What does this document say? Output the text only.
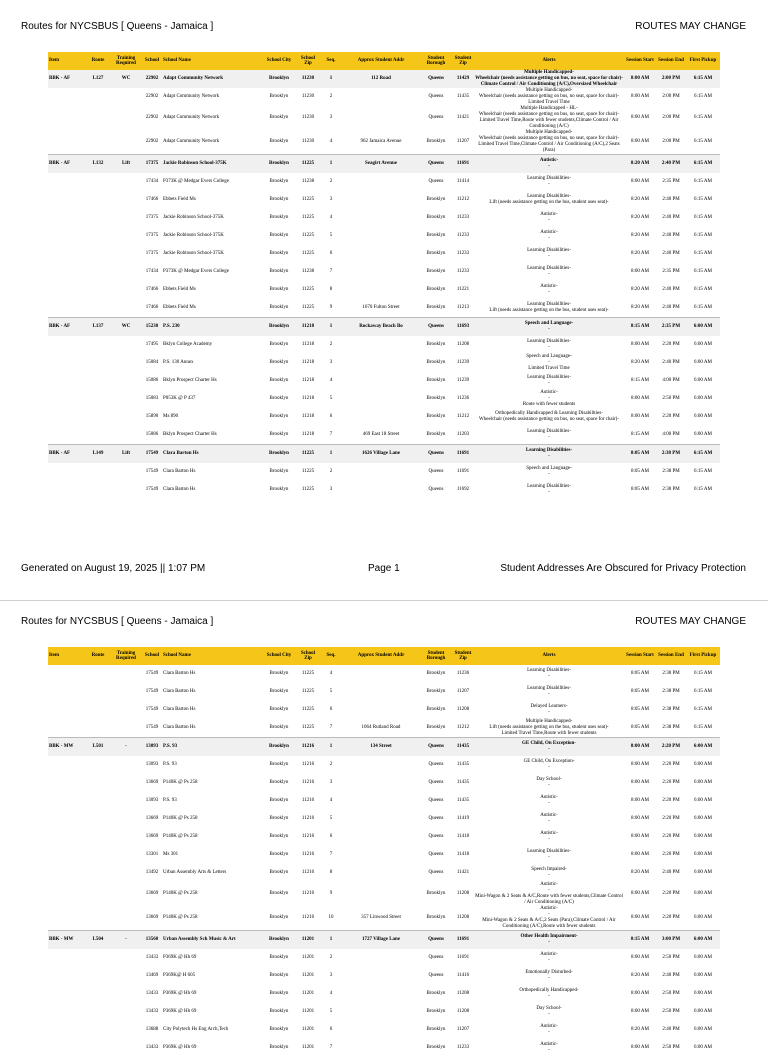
Routes for NYCSBUS [ Queens - Jamaica ]	ROUTES MAY CHANGE
Item	Route	Training Required	School	School Name	School City	School Zip	Seq.	Approx Student Addr	Student Borough	Student Zip	Alerts	Session Start	Session End	First Pickup
BBK - AF	L127	WC	22902	Adapt Community Network	Brooklyn	11230	1	112 Road	Queens	11429	Multiple Handicapped-
Wheelchair (needs assistance getting on bus, no seat, space for chair)-
Climate Control / Air Conditioning (A/C),Oversized Wheelchair	8:00 AM	2:00 PM	6:15 AM
			22902	Adapt Community Network	Brooklyn	11230	2		Queens	11435	Multiple Handicapped-
Wheelchair (needs assistance getting on bus, no seat, space for chair)-
Limited Travel Time	8:00 AM	2:00 PM	6:15 AM
			22902	Adapt Community Network	Brooklyn	11230	3		Queens	11421	Multiple Handicapped - HL-
Wheelchair (needs assistance getting on bus, no seat, space for chair)-
Limited Travel Time,Route with fewer students,Climate Control / Air Conditioning (A/C)	8:00 AM	2:00 PM	6:15 AM
			22902	Adapt Community Network	Brooklyn	11230	4	962 Jamaica Avenue	Brooklyn	11207	Multiple Handicapped-
Wheelchair (needs assistance getting on bus, no seat, space for chair)-
Limited Travel Time,Climate Control / Air Conditioning (A/C),2 Seats (Para)	8:00 AM	2:00 PM	6:15 AM
BBK - AF	L132	Lift	17375	Jackie Robinson School-375K	Brooklyn	11225	1	Seagirt Avenue	Queens	11691	Autistic-
-	8:20 AM	2:40 PM	6:15 AM
			17434	P373K @ Medgar Evers College	Brooklyn	11238	2		Queens	11414	Learning Disabilities-
-	8:00 AM	2:35 PM	6:15 AM
			17466	Ebbets Field Ms	Brooklyn	11225	3		Brooklyn	11212	Learning Disabilities-
Lift (needs assistance getting on the bus, student uses seat)-	8:20 AM	2:40 PM	6:15 AM
			17375	Jackie Robinson School-375K	Brooklyn	11225	4		Brooklyn	11233	Autistic-
-	8:20 AM	2:40 PM	6:15 AM
			17375	Jackie Robinson School-375K	Brooklyn	11225	5		Brooklyn	11233	Autistic-
-	8:20 AM	2:40 PM	6:15 AM
			17375	Jackie Robinson School-375K	Brooklyn	11225	6		Brooklyn	11233	Learning Disabilities-
-	8:20 AM	2:40 PM	6:15 AM
			17434	P373K @ Medgar Evers College	Brooklyn	11238	7		Brooklyn	11233	Learning Disabilities-
-	8:00 AM	2:35 PM	6:15 AM
			17466	Ebbets Field Ms	Brooklyn	11225	8		Brooklyn	11221	Autistic-
-	8:20 AM	2:40 PM	6:15 AM
			17466	Ebbets Field Ms	Brooklyn	11225	9	1670 Fulton Street	Brooklyn	11213	Learning Disabilities-
Lift (needs assistance getting on the bus, student uses seat)-	8:20 AM	2:40 PM	6:15 AM
BBK - AF	L137	WC	15230	P.S. 230	Brooklyn	11218	1	Rockaway Beach Bo	Queens	11693	Speech and Language-
-	8:15 AM	2:35 PM	6:00 AM
			17495	Bklyn College Academy	Brooklyn	11218	2		Brooklyn	11208	Learning Disabilities-
-	8:00 AM	2:20 PM	6:00 AM
			15084	P.S. 130 Annex	Brooklyn	11218	3		Brooklyn	11239	Speech and Language-
-
Limited Travel Time	8:20 AM	2:40 PM	6:00 AM
			15086	Bklyn Prospect Charter Hs	Brooklyn	11218	4		Brooklyn	11239	Learning Disabilities-
-	8:15 AM	4:00 PM	6:00 AM
			15083	P053K @ P 437	Brooklyn	11218	5		Brooklyn	11236	Autistic-
-
Route with fewer students	8:00 AM	2:50 PM	6:00 AM
			15890	Ms 890	Brooklyn	11218	6		Brooklyn	11212	Orthopedically Handicapped & Learning Disabilities-
Wheelchair (needs assistance getting on bus, no seat, space for chair)-	8:00 AM	2:20 PM	6:00 AM
			15086	Bklyn Prospect Charter Hs	Brooklyn	11218	7	469 East 18 Street	Brooklyn	11203	Learning Disabilities-
-	8:15 AM	4:00 PM	6:00 AM
BBK - AF	L149	Lift	17549	Clara Barton Hs	Brooklyn	11225	1	1626 Village Lane	Queens	11691	Learning Disabilities-
-	8:05 AM	2:38 PM	6:15 AM
			17549	Clara Barton Hs	Brooklyn	11225	2		Queens	11691	Speech and Language-
-	8:05 AM	2:38 PM	6:15 AM
			17549	Clara Barton Hs	Brooklyn	11225	3		Queens	11692	Learning Disabilities-
-	8:05 AM	2:38 PM	6:15 AM
Generated on August 19, 2025 || 1:07 PM	Page 1	Student Addresses Are Obscured for Privacy Protection
Routes for NYCSBUS [ Queens - Jamaica ]	ROUTES MAY CHANGE
Item	Route	Training Required	School	School Name	School City	School Zip	Seq.	Approx Student Addr	Student Borough	Student Zip	Alerts	Session Start	Session End	First Pickup
			17549	Clara Barton Hs	Brooklyn	11225	4		Brooklyn	11236	Learning Disabilities-
-	8:05 AM	2:38 PM	6:15 AM
			17549	Clara Barton Hs	Brooklyn	11225	5		Brooklyn	11207	Learning Disabilities-
-	8:05 AM	2:38 PM	6:15 AM
			17549	Clara Barton Hs	Brooklyn	11225	6		Brooklyn	11208	Delayed Learners-
-	8:05 AM	2:38 PM	6:15 AM
			17549	Clara Barton Hs	Brooklyn	11225	7	1064 Rutland Road	Brooklyn	11212	Multiple Handicapped-
Lift (needs assistance getting on the bus, student uses seat)-
Limited Travel Time,Route with fewer students	8:05 AM	2:38 PM	6:15 AM
BBK - MW	L501	-	13093	P.S. 93	Brooklyn	11216	1	134 Street	Queens	11435	GE Child, On Exception-
-	8:00 AM	2:20 PM	6:00 AM
			13093	P.S. 93	Brooklyn	11216	2		Queens	11435	GE Child, On Exception-
-	8:00 AM	2:20 PM	6:00 AM
			13669	P140K @ Ps 258	Brooklyn	11216	3		Queens	11435	Day School-
-	8:00 AM	2:20 PM	6:00 AM
			13093	P.S. 93	Brooklyn	11216	4		Queens	11435	Autistic-
-	8:00 AM	2:20 PM	6:00 AM
			13669	P140K @ Ps 258	Brooklyn	11216	5		Queens	11419	Autistic-
-	8:00 AM	2:20 PM	6:00 AM
			13669	P140K @ Ps 258	Brooklyn	11216	6		Queens	11418	Autistic-
-	8:00 AM	2:20 PM	6:00 AM
			13301	Ms 301	Brooklyn	11216	7		Queens	11418	Learning Disabilities-
-	8:00 AM	2:20 PM	6:00 AM
			13492	Urban Assembly Arts & Letters	Brooklyn	11216	8		Queens	11421	Speech Impaired-
-	8:20 AM	2:40 PM	6:00 AM
			13669	P140K @ Ps 258	Brooklyn	11216	9		Brooklyn	11208	Autistic-
-
Mini-Wagon & 2 Seats & A/C,Route with fewer students,Climate Control / Air Conditioning (A/C)	8:00 AM	2:20 PM	6:00 AM
			13669	P140K @ Ps 258	Brooklyn	11216	10	357 Linwood Street	Brooklyn	11208	Autistic-
-
Mini-Wagon & 2 Seats & A/C,2 Seats (Para),Climate Control / Air Conditioning (A/C),Route with fewer students	8:00 AM	2:20 PM	6:00 AM
BBK - MW	L504	-	13560	Urban Assembly Sch Music & Art	Brooklyn	11201	1	1727 Village Lane	Queens	11691	Other Health Impairment-
-	8:15 AM	3:00 PM	6:00 AM
			13433	P369K @ Hh 69	Brooklyn	11201	2		Queens	11691	Autistic-
-	8:00 AM	2:50 PM	6:00 AM
			13469	P369K@ H 605	Brooklyn	11201	3		Queens	11416	Emotionally Disturbed-
-	8:20 AM	2:40 PM	6:00 AM
			13433	P369K @ Hh 69	Brooklyn	11201	4		Brooklyn	11208	Orthopedically Handicapped-
-	8:00 AM	2:50 PM	6:00 AM
			13433	P369K @ Hh 69	Brooklyn	11201	5		Brooklyn	11208	Day School-
-	8:00 AM	2:50 PM	6:00 AM
			13688	City Polytech Hs Eng Arch,Tech	Brooklyn	11201	6		Brooklyn	11207	Autistic-
-	8:20 AM	2:40 PM	6:00 AM
			13433	P369K @ Hh 69	Brooklyn	11201	7		Brooklyn	11233	Autistic-
-	8:00 AM	2:50 PM	6:00 AM
